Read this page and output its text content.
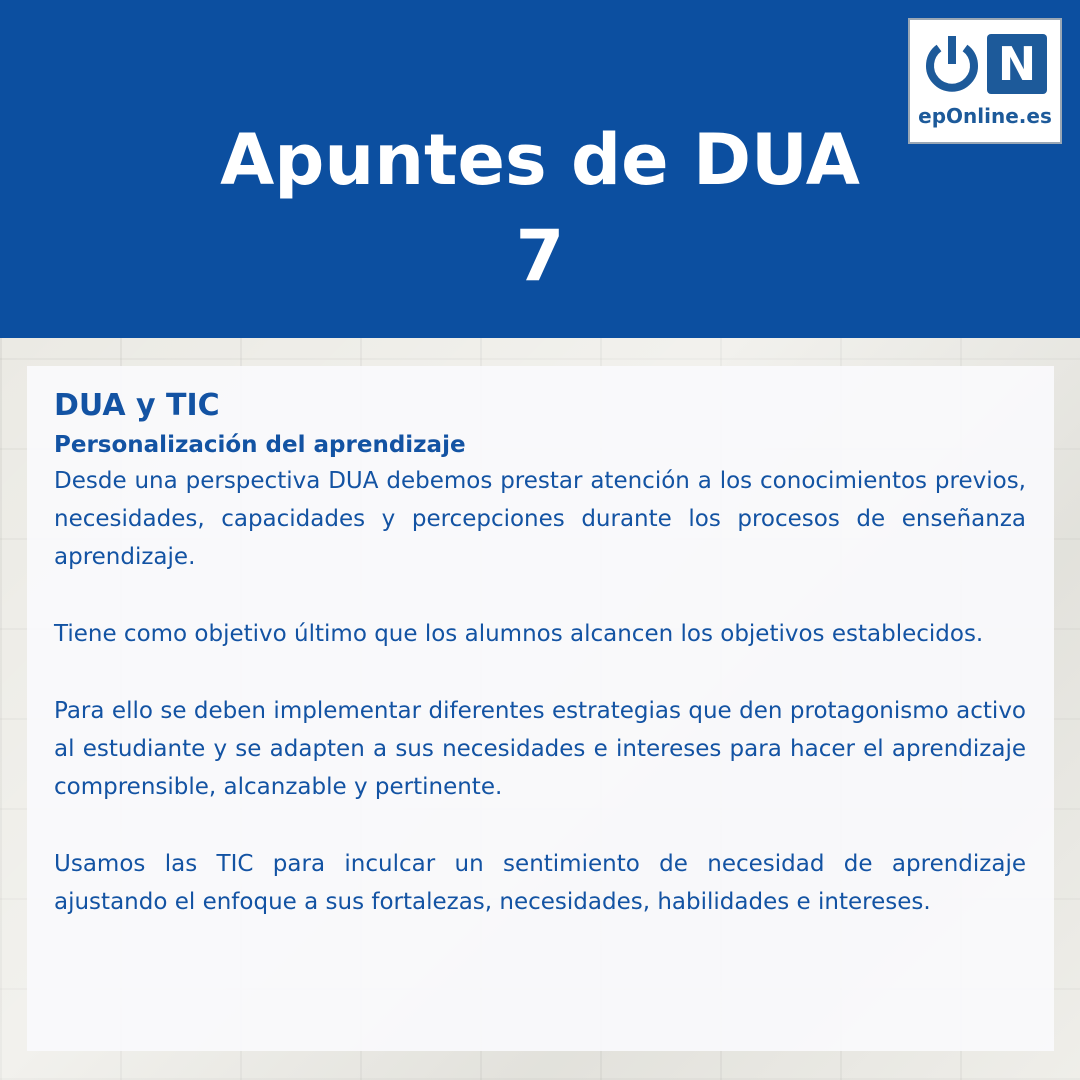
Apuntes de DUA
7
N
epOnline.es
DUA y TIC
Personalización del aprendizaje

Desde una perspectiva DUA debemos prestar atención a los conocimientos previos, necesidades, capacidades y percepciones durante los procesos de enseñanza aprendizaje.

Tiene como objetivo último que los alumnos alcancen los objetivos establecidos.

Para ello se deben implementar diferentes estrategias que den protagonismo activo al estudiante y se adapten a sus necesidades e intereses para hacer el aprendizaje comprensible, alcanzable y pertinente.

Usamos las TIC para inculcar un sentimiento de necesidad de aprendizaje ajustando el enfoque a sus fortalezas, necesidades, habilidades e intereses.
